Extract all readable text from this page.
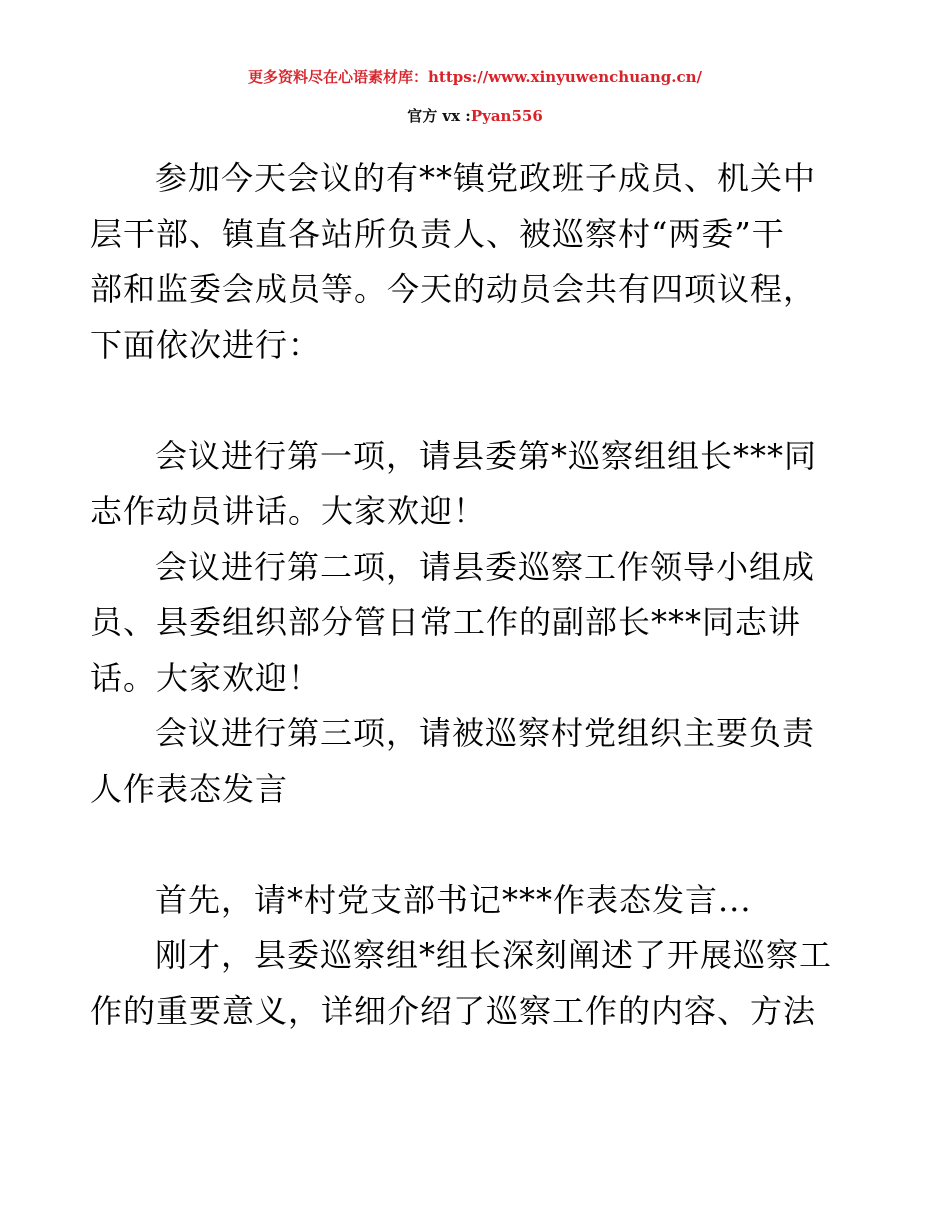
更多资料尽在心语素材库：https://www.xinyuwenchuang.cn/
官方 vx :Pyan556
参加今天会议的有**镇党政班子成员、机关中
层干部、镇直各站所负责人、被巡察村“两委”干
部和监委会成员等。今天的动员会共有四项议程，
下面依次进行：
会议进行第一项，请县委第*巡察组组长***同
志作动员讲话。大家欢迎！
会议进行第二项，请县委巡察工作领导小组成
员、县委组织部分管日常工作的副部长***同志讲
话。大家欢迎！
会议进行第三项，请被巡察村党组织主要负责
人作表态发言
首先，请*村党支部书记***作表态发言...
刚才，县委巡察组*组长深刻阐述了开展巡察工
作的重要意义，详细介绍了巡察工作的内容、方法
